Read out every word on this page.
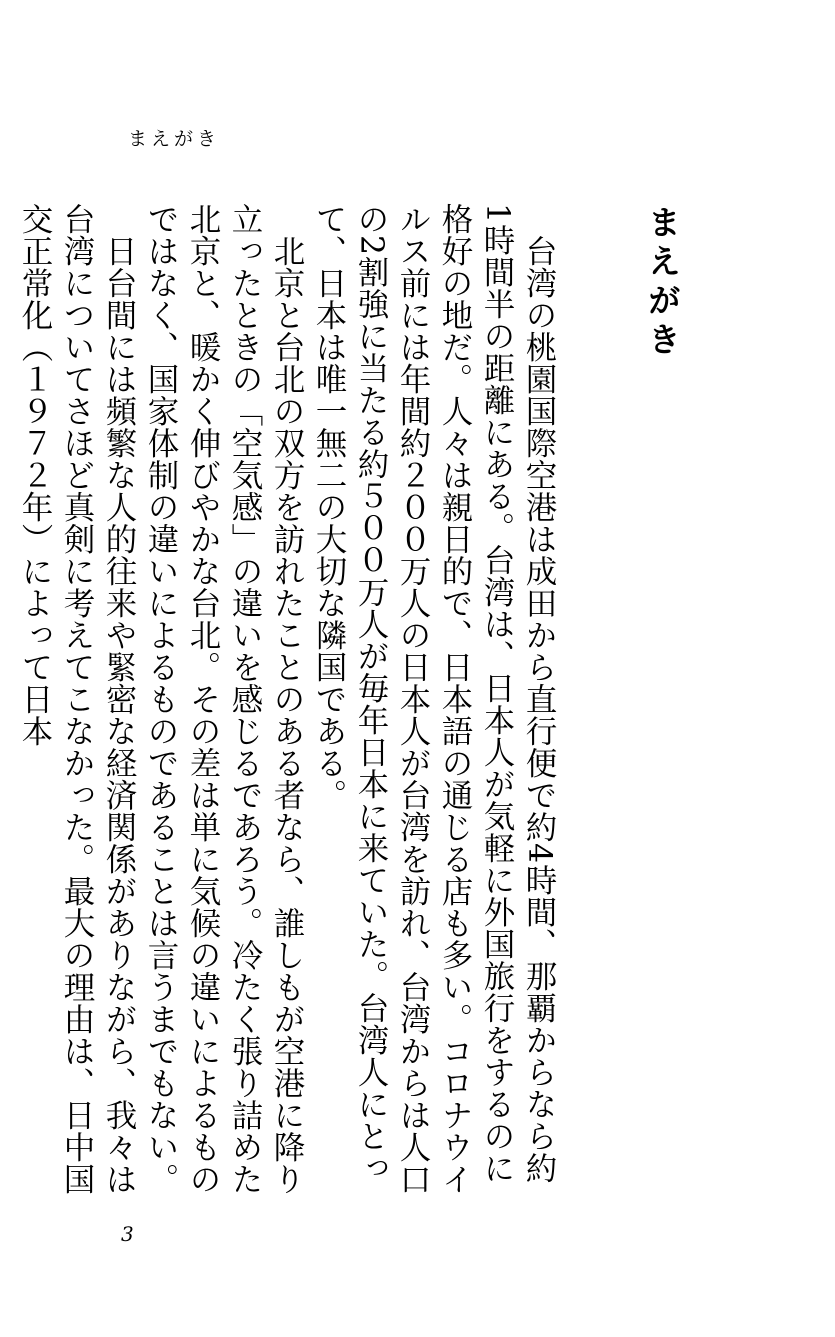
まえがき
まえがき

台湾の桃園国際空港は成田から直行便で約4時間、那覇からなら約1時間半の距離にある。台湾は、日本人が気軽に外国旅行をするのに格好の地だ。人々は親日的で、日本語の通じる店も多い。コロナウイルス前には年間約２００万人の日本人が台湾を訪れ、台湾からは人口の2割強に当たる約５００万人が毎年日本に来ていた。台湾人にとって、日本は唯一無二の大切な隣国である。

北京と台北の双方を訪れたことのある者なら、誰しもが空港に降り立ったときの「空気感」の違いを感じるであろう。冷たく張り詰めた北京と、暖かく伸びやかな台北。その差は単に気候の違いによるものではなく、国家体制の違いによるものであることは言うまでもない。

日台間には頻繁な人的往来や緊密な経済関係がありながら、我々は台湾についてさほど真剣に考えてこなかった。最大の理由は、日中国交正常化（１９７２年）によって日本

3
